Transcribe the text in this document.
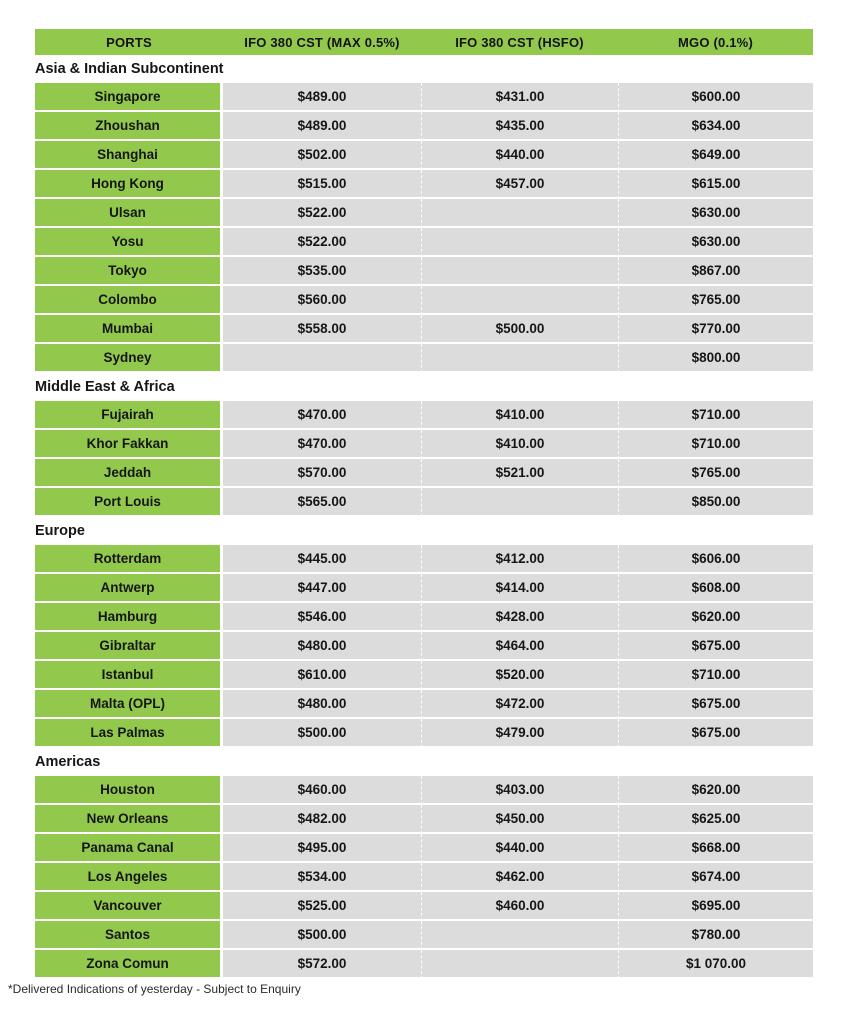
PORTS	IFO 380 CST (MAX 0.5%)	IFO 380 CST (HSFO)	MGO (0.1%)
Asia & Indian Subcontinent			
Singapore	$489.00	$431.00	$600.00
Zhoushan	$489.00	$435.00	$634.00
Shanghai	$502.00	$440.00	$649.00
Hong Kong	$515.00	$457.00	$615.00
Ulsan	$522.00		$630.00
Yosu	$522.00		$630.00
Tokyo	$535.00		$867.00
Colombo	$560.00		$765.00
Mumbai	$558.00	$500.00	$770.00
Sydney			$800.00
Middle East & Africa			
Fujairah	$470.00	$410.00	$710.00
Khor Fakkan	$470.00	$410.00	$710.00
Jeddah	$570.00	$521.00	$765.00
Port Louis	$565.00		$850.00
Europe			
Rotterdam	$445.00	$412.00	$606.00
Antwerp	$447.00	$414.00	$608.00
Hamburg	$546.00	$428.00	$620.00
Gibraltar	$480.00	$464.00	$675.00
Istanbul	$610.00	$520.00	$710.00
Malta (OPL)	$480.00	$472.00	$675.00
Las Palmas	$500.00	$479.00	$675.00
Americas			
Houston	$460.00	$403.00	$620.00
New Orleans	$482.00	$450.00	$625.00
Panama Canal	$495.00	$440.00	$668.00
Los Angeles	$534.00	$462.00	$674.00
Vancouver	$525.00	$460.00	$695.00
Santos	$500.00		$780.00
Zona Comun	$572.00		$1 070.00
*Delivered Indications of yesterday - Subject to Enquiry
